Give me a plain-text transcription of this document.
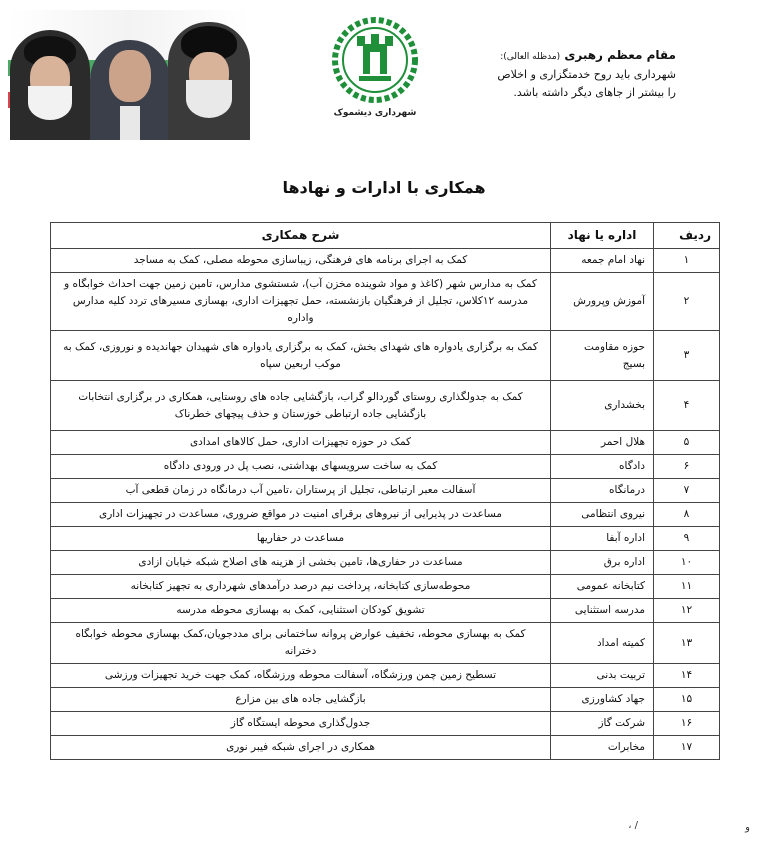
شهرداری دیشموک
مقام معظم رهبری (مدظله العالی):
شهرداری باید روح خدمتگزاری و اخلاص
را بیشتر از جاهای دیگر داشته باشد.
همکاری با ادارات و نهادها
ردیف	اداره یا نهاد	شرح همکاری
۱	نهاد امام جمعه	کمک به اجرای برنامه های فرهنگی، زیباسازی محوطه مصلی، کمک به مساجد
۲	آموزش وپرورش	کمک به مدارس شهر (کاغذ و مواد شوینده مخزن آب)، شستشوی مدارس، تامین زمین جهت احداث خوابگاه و مدرسه ۱۲کلاس، تجلیل از فرهنگیان بازنشسته، حمل تجهیزات اداری، بهسازی مسیرهای تردد کلیه مدارس واداره
۳	حوزه مقاومت بسیج	کمک به برگزاری یادواره های شهدای بخش، کمک به برگزاری یادواره های شهیدان جهاندیده و نوروزی، کمک به موکب اربعین سپاه
۴	بخشداری	کمک به جدولگذاری روستای گوردالو گراب، بازگشایی جاده های روستایی، همکاری در برگزاری انتخابات بازگشایی جاده ارتباطی خوزستان و حذف پیچهای خطرناک
۵	هلال احمر	کمک در حوزه تجهیزات اداری، حمل کالاهای امدادی
۶	دادگاه	کمک به ساخت سرویسهای بهداشتی، نصب پل در ورودی دادگاه
۷	درمانگاه	آسفالت معبر ارتباطی، تجلیل از پرستاران ،تامین آب درمانگاه در زمان قطعی آب
۸	نیروی انتظامی	مساعدت در پذیرایی از نیروهای برقرای امنیت در مواقع ضروری، مساعدت در تجهیزات اداری
۹	اداره آبفا	مساعدت در حفاریها
۱۰	اداره برق	مساعدت در حفاری‌ها، تامین بخشی از هزینه های اصلاح شبکه خیابان ازادی
۱۱	کتابخانه عمومی	محوطه‌سازی کتابخانه، پرداخت نیم درصد درآمدهای شهرداری به تجهیز کتابخانه
۱۲	مدرسه استثنایی	تشویق کودکان استثنایی، کمک به بهسازی محوطه مدرسه
۱۳	کمیته امداد	کمک به بهسازی محوطه، تخفیف عوارض پروانه ساختمانی برای مددجویان،کمک بهسازی محوطه خوابگاه دخترانه
۱۴	تربیت بدنی	تسطیح زمین چمن ورزشگاه، آسفالت محوطه ورزشگاه، کمک جهت خرید تجهیزات ورزشی
۱۵	جهاد کشاورزی	بازگشایی جاده های بین مزارع
۱۶	شرکت گاز	جدول‌گذاری محوطه ایستگاه گاز
۱۷	مخابرات	همکاری در اجرای شبکه فیبر نوری
/ ،	و
